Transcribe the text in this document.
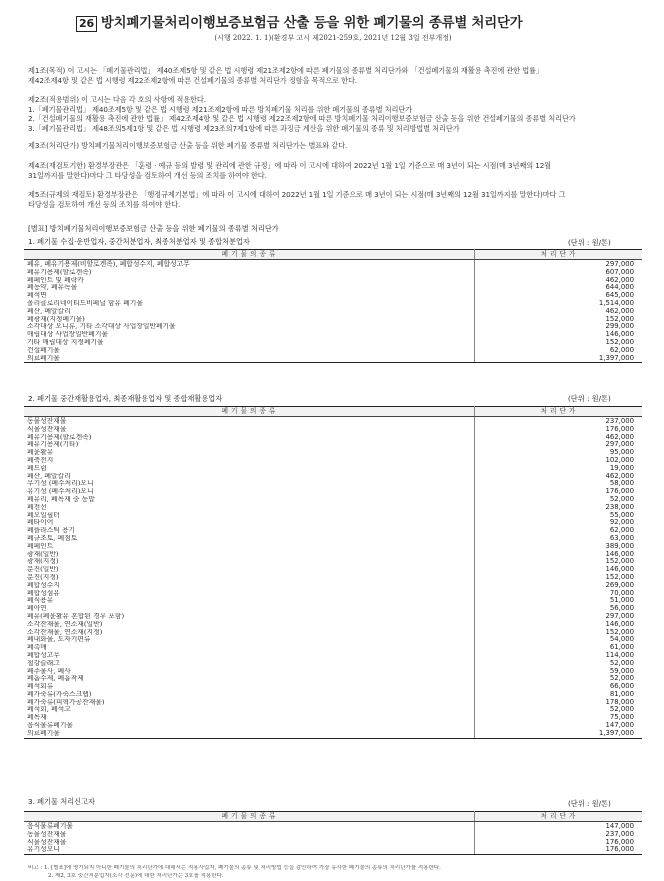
26 방치폐기물처리이행보증보험금 산출 등을 위한 폐기물의 종류별 처리단가
(시행 2022. 1. 1)(환경부 고시 제2021-259호, 2021년 12월 3일 전부개정)
제1조(목적) 이 고시는 「폐기물관리법」 제40조제5항 및 같은 법 시행령 제21조제2항에 따른 폐기물의 종류별 처리단가와 「건설폐기물의 재활용 촉진에 관한 법률」
제42조제4항 및 같은 법 시행령 제22조제2항에 따른 건설폐기물의 종류별 처리단가 정함을 목적으로 한다.
제2조(적용범위) 이 고시는 다음 각 호의 사항에 적용한다.
1.「폐기물관리법」 제40조제5항 및 같은 법 시행령 제21조제2항에 따른 방치폐기물 처리를 위한 폐기물의 종류별 처리단가
2.「건설폐기물의 재활용 촉진에 관한 법률」 제42조제4항 및 같은 법 시행령 제22조제2항에 따른 방치폐기물 처리이행보증보험금 산출 등을 위한 건설폐기물의 종류별 처리단가
3.「폐기물관리법」 제48조의5제1항 및 같은 법 시행령 제23조의7제1항에 따른 과징금 계산을 위한 폐기물의 종류 및 처리방법별 처리단가
제3조(처리단가) 방치폐기물처리이행보증보험금 산출 등을 위한 폐기물 종류별 처리단가는 별표와 같다.
제4조(재검토기한) 환경부장관은 「훈령 · 예규 등의 발령 및 관리에 관한 규정」에 따라 이 고시에 대하여 2022년 1월 1일 기준으로 매 3년이 되는 시점(매 3년째의 12월
31일까지를 말한다)마다 그 타당성을 검토하여 개선 등의 조치를 하여야 한다.
제5조(규제의 재검토) 환경부장관은 「행정규제기본법」에 따라 이 고시에 대하여 2022년 1월 1일 기준으로 매 3년이 되는 시점(매 3년째의 12월 31일까지를 말한다)마다 그
타당성을 검토하여 개선 등의 조치를 하여야 한다.
[별표] 방치폐기물처리이행보증보험금 산출 등을 위한 폐기물의 종류별 처리단가
1. 폐기물 수집·운반업자, 중간처분업자, 최종처분업자 및 종합처분업자	(단위 : 원/톤)
폐 기 물 의 종 류	처 리 단 가
폐유, 폐유기용제(비할로겐족), 폐합성수지, 폐합성고무	297,000
폐유기용제(할로겐족)	607,000
폐페인트 및 폐락카	462,000
폐농약, 폐유독물	644,000
폐석면	645,000
폴리클로리네이티드비페닐 함유 폐기물	1,514,000
폐산, 폐알칼리	462,000
폐광재(지정폐기물)	152,000
소각대상 오니류, 기타 소각대상 사업장일반폐기물	299,000
매립대상 사업장일반폐기물	146,000
기타 매립대상 지정폐기물	152,000
건설폐기물	62,000
의료폐기물	1,397,000
2. 폐기물 중간재활용업자, 최종재활용업자 및 종합재활용업자	(단위 : 원/톤)
폐 기 물 의 종 류	처 리 단 가
동물성잔재물	237,000
식물성잔재물	176,000
폐유기용제(할로겐족)	462,000
폐유기용제(기타)	297,000
폐윤활유	95,000
폐축전지	102,000
폐드럼	19,000
폐산, 폐알칼리	462,000
무기성 (폐수처리)오니	58,000
유기성 (폐수처리)오니	176,000
폐유리, 폐목재 중 동밥	52,000
폐전선	238,000
폐오일필터	55,000
폐타이어	92,000
폐플라스틱 용기	62,000
폐규조토, 폐점토	63,000
폐페인트	389,000
광재(일반)	146,000
광재(지정)	152,000
분진(일반)	146,000
분진(지정)	152,000
폐합성수지	269,000
폐합성섬유	70,000
폐식용유	51,000
폐아연	56,000
폐유(폐윤활유 혼합된 경우 포함)	297,000
소각잔재물, 연소재(일반)	146,000
소각잔재물, 연소재(지정)	152,000
폐내화물, 도자기편류	54,000
폐촉매	61,000
폐합성고무	114,000
철강슬래그	52,000
폐주물사, 폐사	59,000
폐흡수제, 폐흡착제	52,000
폐석회류	66,000
폐가죽류(가죽스크랩)	81,000
폐가죽류(피혁가공잔재물)	178,000
폐석회, 폐석고	52,000
폐목재	75,000
음식물류폐기물	147,000
의료폐기물	1,397,000
3. 폐기물 처리신고자	(단위 : 원/톤)
폐 기 물 의 종 류	처 리 단 가
음식물류폐기물	147,000
동물성잔재물	237,000
식물성잔재물	176,000
유기성오니	176,000
비고 : 1. [별표]에 명기되지 아니한 폐기물의 처리단가에 대해서는 적용사업자, 폐기물의 종류 및 처리방법 등을 감안하여 가장 유사한 폐기물의 종류의 처리단가를 적용한다.
2. 제2, 3호 중간처분업자(소각 전문)에 대한 처리단가는 3호를 적용한다.
